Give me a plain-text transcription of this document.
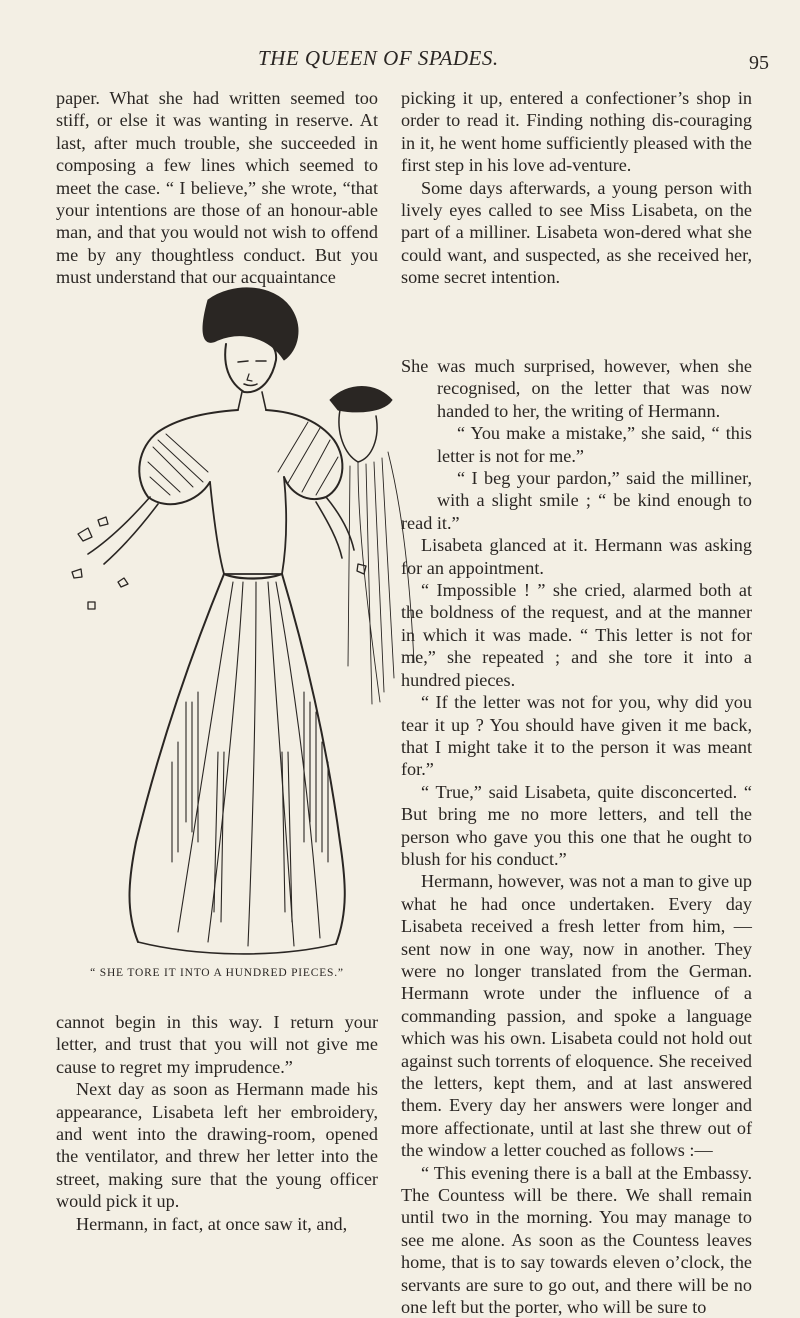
THE QUEEN OF SPADES.	95

paper. What she had written seemed too stiff, or else it was wanting in reserve. At last, after much trouble, she succeeded in composing a few lines which seemed to meet the case. “ I believe,” she wrote, “that your intentions are those of an honour-able man, and that you would not wish to offend me by any thoughtless conduct. But you must understand that our acquaintance

“ SHE TORE IT INTO A HUNDRED PIECES.”

cannot begin in this way. I return your letter, and trust that you will not give me cause to regret my imprudence.”

Next day as soon as Hermann made his appearance, Lisabeta left her embroidery, and went into the drawing-room, opened the ventilator, and threw her letter into the street, making sure that the young officer would pick it up.

Hermann, in fact, at once saw it, and,

picking it up, entered a confectioner’s shop in order to read it. Finding nothing dis-couraging in it, he went home sufficiently pleased with the first step in his love ad-venture.

Some days afterwards, a young person with lively eyes called to see Miss Lisabeta, on the part of a milliner. Lisabeta won-dered what she could want, and suspected, as she received her, some secret intention.

She was much surprised, however, when she recognised, on the letter that was now handed to her, the writing of Hermann.

“ You make a mistake,” she said, “ this letter is not for me.”

“ I beg your pardon,” said the milliner, with a slight smile ; “ be kind enough to read it.”

Lisabeta glanced at it. Hermann was asking for an appointment.

“ Impossible ! ” she cried, alarmed both at the boldness of the request, and at the manner in which it was made. “ This letter is not for me,” she repeated ; and she tore it into a hundred pieces.

“ If the letter was not for you, why did you tear it up ? You should have given it me back, that I might take it to the person it was meant for.”

“ True,” said Lisabeta, quite disconcerted. “ But bring me no more letters, and tell the person who gave you this one that he ought to blush for his conduct.”

Hermann, however, was not a man to give up what he had once undertaken. Every day Lisabeta received a fresh letter from him, —sent now in one way, now in another. They were no longer translated from the German. Hermann wrote under the influence of a commanding passion, and spoke a language which was his own. Lisabeta could not hold out against such torrents of eloquence. She received the letters, kept them, and at last answered them. Every day her answers were longer and more affectionate, until at last she threw out of the window a letter couched as follows :—

“ This evening there is a ball at the Embassy. The Countess will be there. We shall remain until two in the morning. You may manage to see me alone. As soon as the Countess leaves home, that is to say towards eleven o’clock, the servants are sure to go out, and there will be no one left but the porter, who will be sure to
